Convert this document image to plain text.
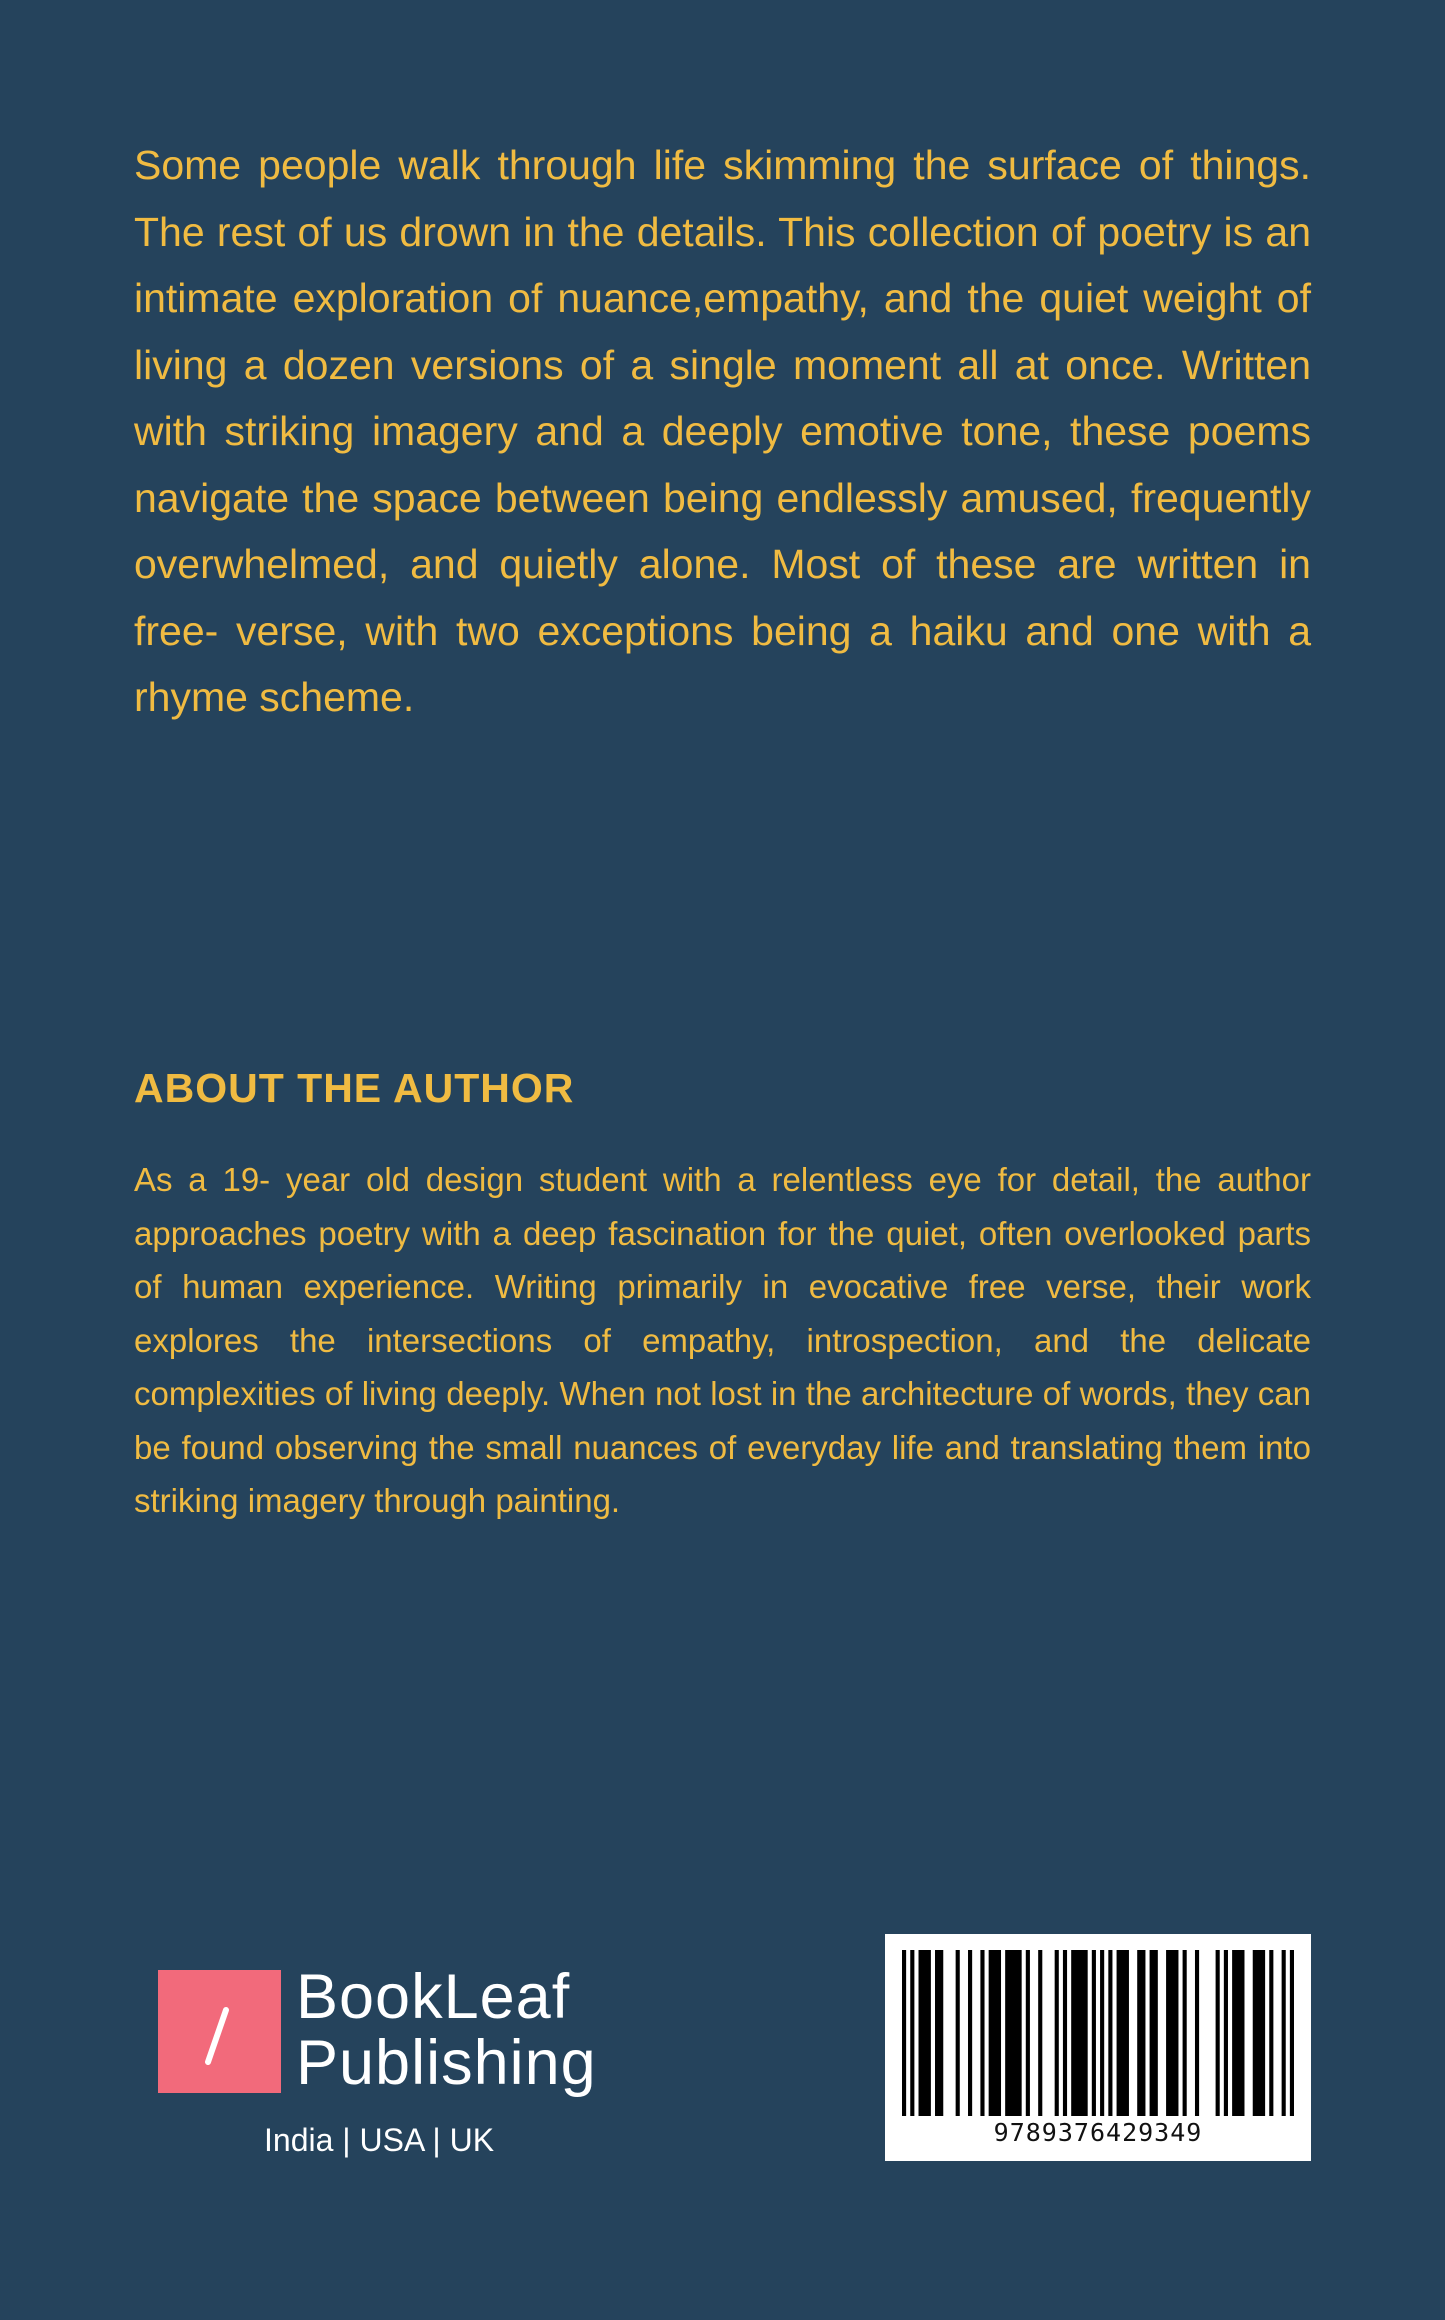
Some people walk through life skimming the surface of things. The rest of us drown in the details. This collection of poetry is an intimate exploration of nuance,empathy, and the quiet weight of living a dozen versions of a single moment all at once. Written with striking imagery and a deeply emotive tone, these poems navigate the space between being endlessly amused, frequently overwhelmed, and quietly alone. Most of these are written in free- verse, with two exceptions being a haiku and one with a rhyme scheme.

ABOUT THE AUTHOR

As a 19- year old design student with a relentless eye for detail, the author approaches poetry with a deep fascination for the quiet, often overlooked parts of human experience. Writing primarily in evocative free verse, their work explores the intersections of empathy, introspection, and the delicate complexities of living deeply. When not lost in the architecture of words, they can be found observing the small nuances of everyday life and translating them into striking imagery through painting.

BookLeaf
Publishing
India | USA | UK	9789376429349
